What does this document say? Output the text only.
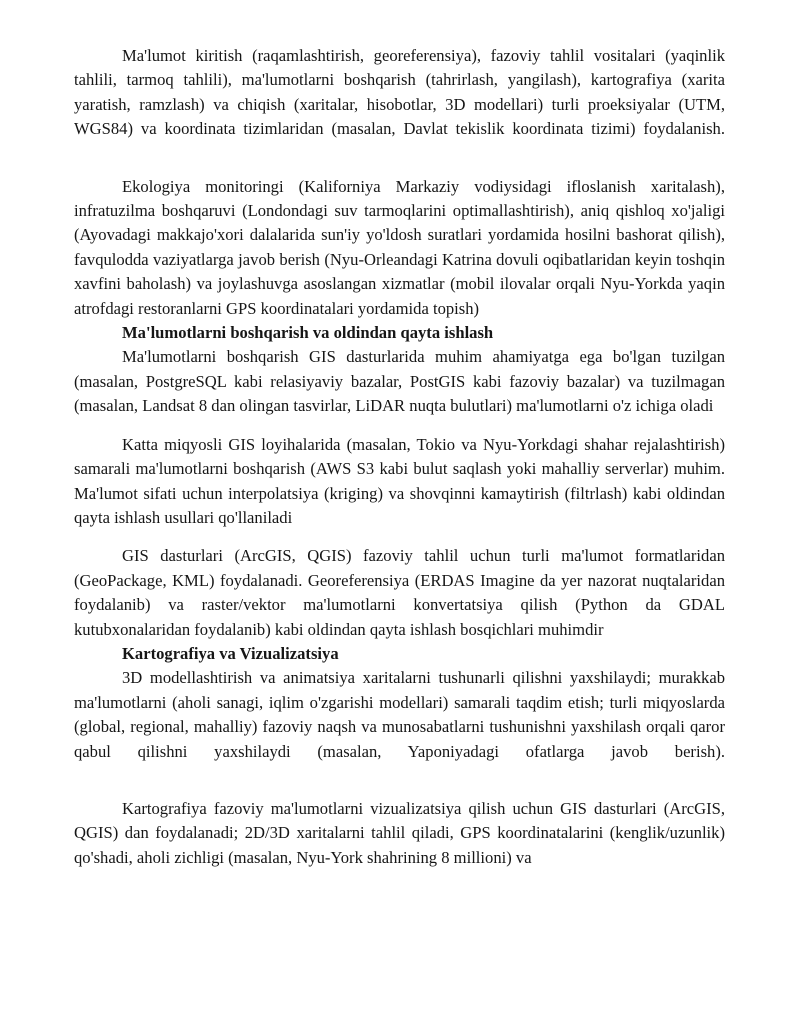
Ma'lumot kiritish (raqamlashtirish, georeferensiya), fazoviy tahlil vositalari (yaqinlik tahlili, tarmoq tahlili), ma'lumotlarni boshqarish (tahrirlash, yangilash), kartografiya (xarita yaratish, ramzlash) va chiqish (xaritalar, hisobotlar, 3D modellari) turli proeksiyalar (UTM, WGS84) va koordinata tizimlaridan (masalan, Davlat tekislik koordinata tizimi) foydalanish.

Ekologiya monitoringi (Kaliforniya Markaziy vodiysidagi ifloslanish xaritalash), infratuzilma boshqaruvi (Londondagi suv tarmoqlarini optimallashtirish), aniq qishloq xo'jaligi (Ayovadagi makkajo'xori dalalarida sun'iy yo'ldosh suratlari yordamida hosilni bashorat qilish), favqulodda vaziyatlarga javob berish (Nyu-Orleandagi Katrina dovuli oqibatlaridan keyin toshqin xavfini baholash) va joylashuvga asoslangan xizmatlar (mobil ilovalar orqali Nyu-Yorkda yaqin atrofdagi restoranlarni GPS koordinatalari yordamida topish)

Ma'lumotlarni boshqarish va oldindan qayta ishlash

Ma'lumotlarni boshqarish GIS dasturlarida muhim ahamiyatga ega bo'lgan tuzilgan (masalan, PostgreSQL kabi relasiyaviy bazalar, PostGIS kabi fazoviy bazalar) va tuzilmagan (masalan, Landsat 8 dan olingan tasvirlar, LiDAR nuqta bulutlari) ma'lumotlarni o'z ichiga oladi

Katta miqyosli GIS loyihalarida (masalan, Tokio va Nyu-Yorkdagi shahar rejalashtirish) samarali ma'lumotlarni boshqarish (AWS S3 kabi bulut saqlash yoki mahalliy serverlar) muhim. Ma'lumot sifati uchun interpolatsiya (kriging) va shovqinni kamaytirish (filtrlash) kabi oldindan qayta ishlash usullari qo'llaniladi

GIS dasturlari (ArcGIS, QGIS) fazoviy tahlil uchun turli ma'lumot formatlaridan (GeoPackage, KML) foydalanadi. Georeferensiya (ERDAS Imagine da yer nazorat nuqtalaridan foydalanib) va raster/vektor ma'lumotlarni konvertatsiya qilish (Python da GDAL kutubxonalaridan foydalanib) kabi oldindan qayta ishlash bosqichlari muhimdir

Kartografiya va Vizualizatsiya

3D modellashtirish va animatsiya xaritalarni tushunarli qilishni yaxshilaydi; murakkab ma'lumotlarni (aholi sanagi, iqlim o'zgarishi modellari) samarali taqdim etish; turli miqyoslarda (global, regional, mahalliy) fazoviy naqsh va munosabatlarni tushunishni yaxshilash orqali qaror qabul qilishni yaxshilaydi (masalan, Yaponiyadagi ofatlarga javob berish).

Kartografiya fazoviy ma'lumotlarni vizualizatsiya qilish uchun GIS dasturlari (ArcGIS, QGIS) dan foydalanadi; 2D/3D xaritalarni tahlil qiladi, GPS koordinatalarini (kenglik/uzunlik) qo'shadi, aholi zichligi (masalan, Nyu-York shahrining 8 millioni) va
